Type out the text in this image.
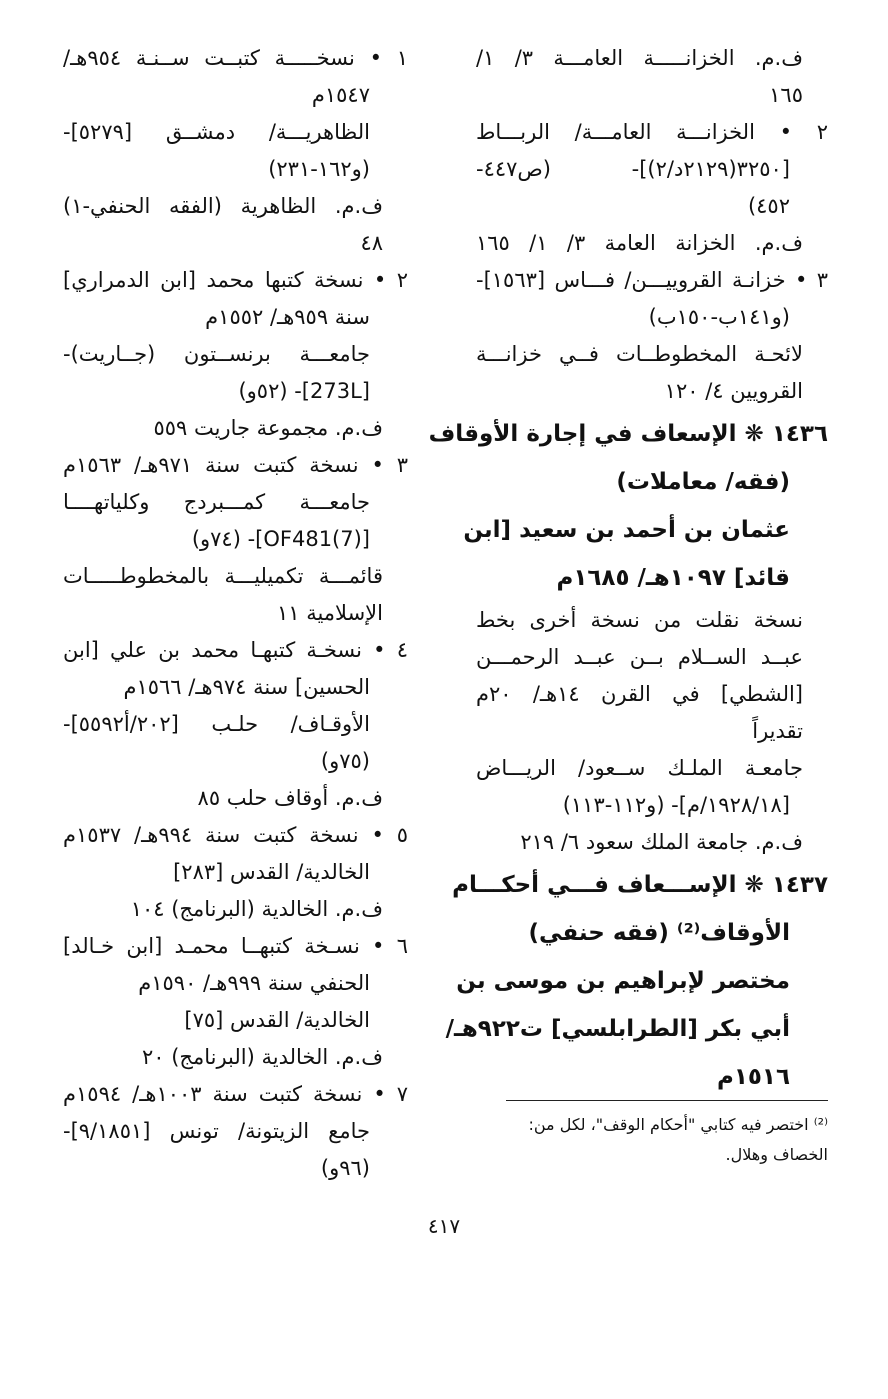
ف.م. الخزانـــــة العامـــة ٣/ ١/
١٦٥
٢ • الخزانـــة العامـــة/ الربـــاط
[٣٢٥٠(٢١٢٩د/٢)]- (ص٤٤٧-
٤٥٢)
ف.م. الخزانة العامة ٣/ ١/ ١٦٥
٣ • خزانـة القروييـــن/ فـــاس [١٥٦٣]-
(و١٤١ب-١٥٠ب)
لائحـة المخطوطــات فــي خزانـــة
القرويين ٤/ ١٢٠
١٤٣٦ ❋ الإسعاف في إجارة الأوقاف
(فقه/ معاملات)
عثمان بن أحمد بن سعيد [ابن
قائد] ١٠٩٧هـ/ ١٦٨٥م
نسخة نقلت من نسخة أخرى بخط
عبــد الســلام بــن عبــد الرحمـــن
[الشطي] في القرن ١٤هـ/ ٢٠م
تقديراً
جامعـة الملـك ســعود/ الريـــاض
[١٩٢٨/١٨/م]- (و١١٢-١١٣)
ف.م. جامعة الملك سعود ٦/ ٢١٩
١٤٣٧ ❋ الإســـعاف فـــي أحكـــام
الأوقاف⁽²⁾ (فقه حنفي)
مختصر لإبراهيم بن موسى بن
أبي بكر [الطرابلسي] ت٩٢٢هـ/
١٥١٦م
١ • نسخـــــة كتبــت ســنـة ٩٥٤هـ/
١٥٤٧م
الظاهريـــة/ دمشــق [٥٢٧٩]-
(و١٦٢-٢٣١)
ف.م. الظاهرية (الفقه الحنفي-١)
٤٨
٢ • نسخة كتبها محمد [ابن الدمراري]
سنة ٩٥٩هـ/ ١٥٥٢م
جامعـــة برنســتون (جــاريت)-
[273L]- (٥٢و)
ف.م. مجموعة جاريت ٥٥٩
٣ • نسخة كتبت سنة ٩٧١هـ/ ١٥٦٣م
جامعـــة كمـــبردج وكلياتهــــا
[OF481(7)]- (٧٤و)
قائمـــة تكميليـــة بالمخطوطـــــات
الإسلامية ١١
٤ • نسخـة كتبهـا محمد بن علي [ابن
الحسين] سنة ٩٧٤هـ/ ١٥٦٦م
الأوقـاف/ حلـب [٢٠٢/أ٥٥٩٢]-
(٧٥و)
ف.م. أوقاف حلب ٨٥
٥ • نسخة كتبت سنة ٩٩٤هـ/ ١٥٣٧م
الخالدية/ القدس [٢٨٣]
ف.م. الخالدية (البرنامج) ١٠٤
٦ • نسـخة كتبهــا محمـد [ابن خـالد]
الحنفي سنة ٩٩٩هـ/ ١٥٩٠م
الخالدية/ القدس [٧٥]
ف.م. الخالدية (البرنامج) ٢٠
٧ • نسخة كتبت سنة ١٠٠٣هـ/ ١٥٩٤م
جامع الزيتونة/ تونس [٩/١٨٥١]-
(٩٦و)
⁽²⁾ اختصر فيه كتابي "أحكام الوقف"، لكل من:
الخصاف وهلال.
٤١٧
